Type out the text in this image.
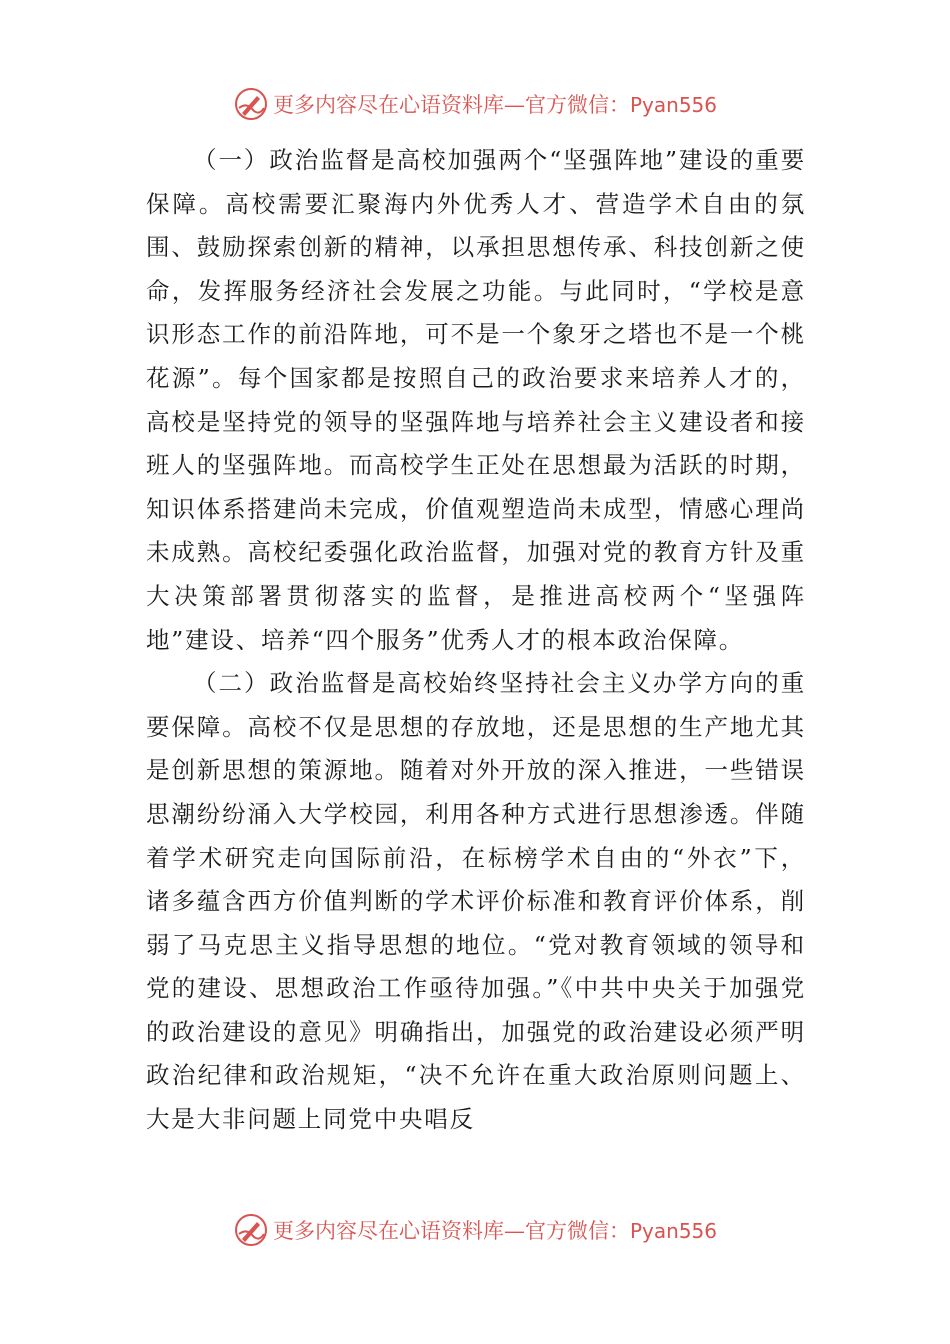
更多内容尽在心语资料库—官方微信：Pyan556

（一）政治监督是高校加强两个“坚强阵地”建设的重要保障。高校需要汇聚海内外优秀人才、营造学术自由的氛围、鼓励探索创新的精神，以承担思想传承、科技创新之使命，发挥服务经济社会发展之功能。与此同时，“学校是意识形态工作的前沿阵地，可不是一个象牙之塔也不是一个桃花源”。每个国家都是按照自己的政治要求来培养人才的，高校是坚持党的领导的坚强阵地与培养社会主义建设者和接班人的坚强阵地。而高校学生正处在思想最为活跃的时期，知识体系搭建尚未完成，价值观塑造尚未成型，情感心理尚未成熟。高校纪委强化政治监督，加强对党的教育方针及重大决策部署贯彻落实的监督，是推进高校两个“坚强阵地”建设、培养“四个服务”优秀人才的根本政治保障。

（二）政治监督是高校始终坚持社会主义办学方向的重要保障。高校不仅是思想的存放地，还是思想的生产地尤其是创新思想的策源地。随着对外开放的深入推进，一些错误思潮纷纷涌入大学校园，利用各种方式进行思想渗透。伴随着学术研究走向国际前沿，在标榜学术自由的“外衣”下，诸多蕴含西方价值判断的学术评价标准和教育评价体系，削弱了马克思主义指导思想的地位。“党对教育领域的领导和党的建设、思想政治工作亟待加强。”《中共中央关于加强党的政治建设的意见》明确指出，加强党的政治建设必须严明政治纪律和政治规矩，“决不允许在重大政治原则问题上、大是大非问题上同党中央唱反

更多内容尽在心语资料库—官方微信：Pyan556
